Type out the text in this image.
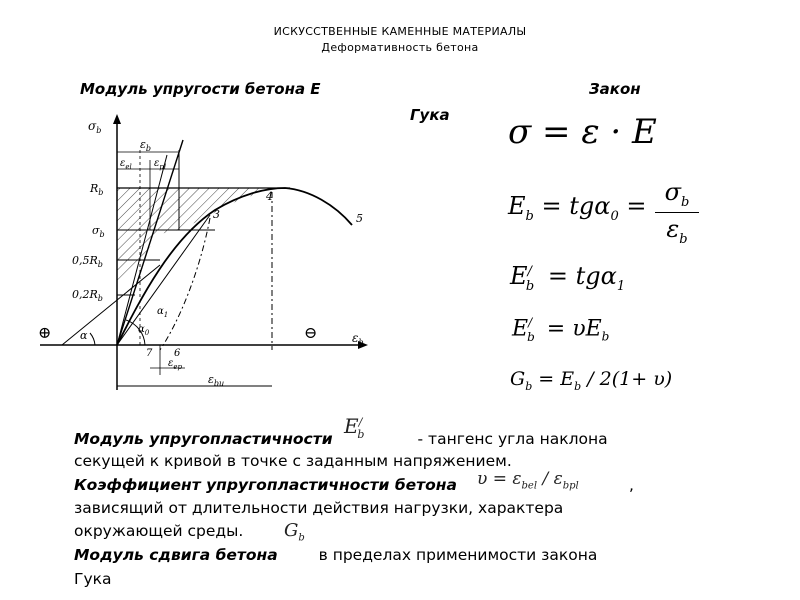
ИСКУССТВЕННЫЕ КАМЕННЫЕ МАТЕРИАЛЫ
Деформативность бетона
Модуль упругости бетона Е	Закон
Гука σ = ε · E
$E_b = tg\alpha_0 = \sigma_b$
$\varepsilon_b$
$E^/_b = tg\alpha_1$
$E^/_b = \upsilon E_b$
$G_b = E_b / 2(1+ \upsilon)$
$\sigma_b$
$\varepsilon_b$
$R_b$
$\sigma_b$
$0,5R_b$
$0,2R_b$
$\varepsilon_b$
$\varepsilon_{el}$ $\varepsilon_{pl}$
$\varepsilon_{bu}$
$\varepsilon_{ep}$
⊕	⊖
α	$\alpha_0$
$\alpha_1$
3
4
5
6
7
Модуль упругопластичности	- тангенс угла наклона
секущей к кривой в точке с заданным напряжением.
Коэффициент упругопластичности бетона	,
зависящий от длительности действия нагрузки, характера
окружающей среды.
Модуль сдвига бетона в пределах применимости закона
Гука
$E^/_b$
$\upsilon = \varepsilon_{bel} / \varepsilon_{bpl}$
$G_b$
